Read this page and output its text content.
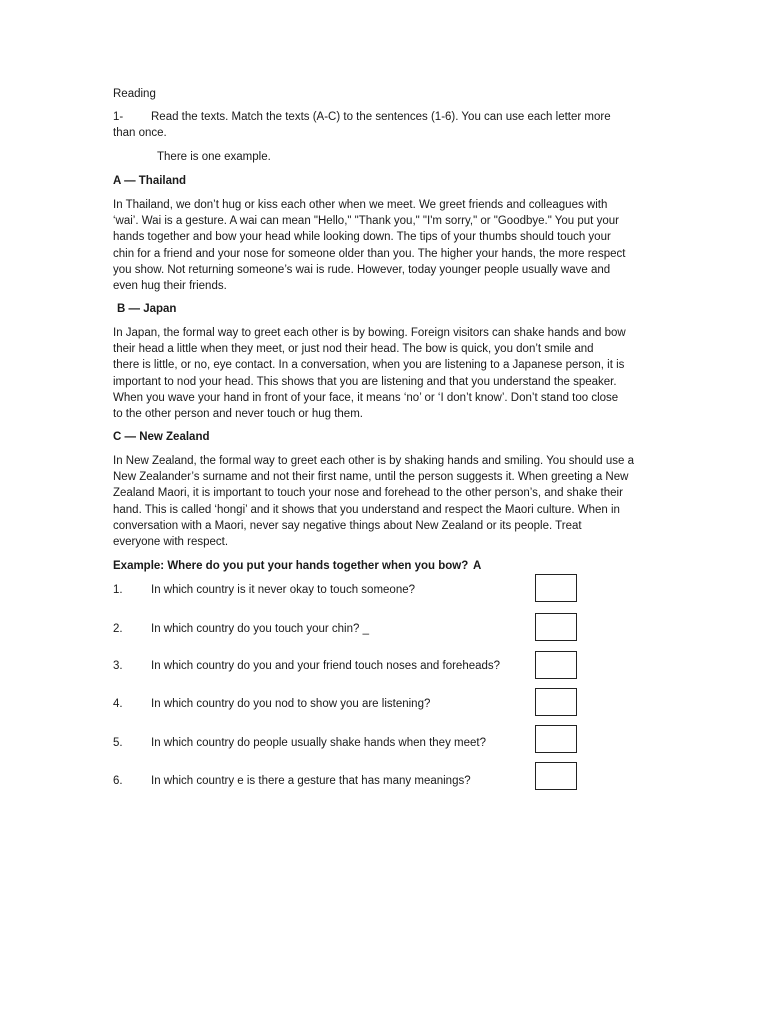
Reading
1- Read the texts. Match the texts (A-C) to the sentences (1-6). You can use each letter more
than once.
There is one example.
A — Thailand
In Thailand, we don’t hug or kiss each other when we meet. We greet friends and colleagues with
‘wai’. Wai is a gesture. A wai can mean "Hello," "Thank you," "I'm sorry," or "Goodbye." You put your
hands together and bow your head while looking down. The tips of your thumbs should touch your
chin for a friend and your nose for someone older than you. The higher your hands, the more respect
you show. Not returning someone’s wai is rude. However, today younger people usually wave and
even hug their friends.
B — Japan
In Japan, the formal way to greet each other is by bowing. Foreign visitors can shake hands and bow
their head a little when they meet, or just nod their head. The bow is quick, you don’t smile and
there is little, or no, eye contact. In a conversation, when you are listening to a Japanese person, it is
important to nod your head. This shows that you are listening and that you understand the speaker.
When you wave your hand in front of your face, it means ‘no’ or ‘I don’t know’. Don’t stand too close
to the other person and never touch or hug them.
C — New Zealand
In New Zealand, the formal way to greet each other is by shaking hands and smiling. You should use a
New Zealander’s surname and not their first name, until the person suggests it. When greeting a New
Zealand Maori, it is important to touch your nose and forehead to the other person’s, and shake their
hand. This is called ‘hongi’ and it shows that you understand and respect the Maori culture. When in
conversation with a Maori, never say negative things about New Zealand or its people. Treat
everyone with respect.
Example: Where do you put your hands together when you bow? A
1. In which country is it never okay to touch someone?
2. In which country do you touch your chin? _
3. In which country do you and your friend touch noses and foreheads?
4. In which country do you nod to show you are listening?
5. In which country do people usually shake hands when they meet?
6. In which country e is there a gesture that has many meanings?
